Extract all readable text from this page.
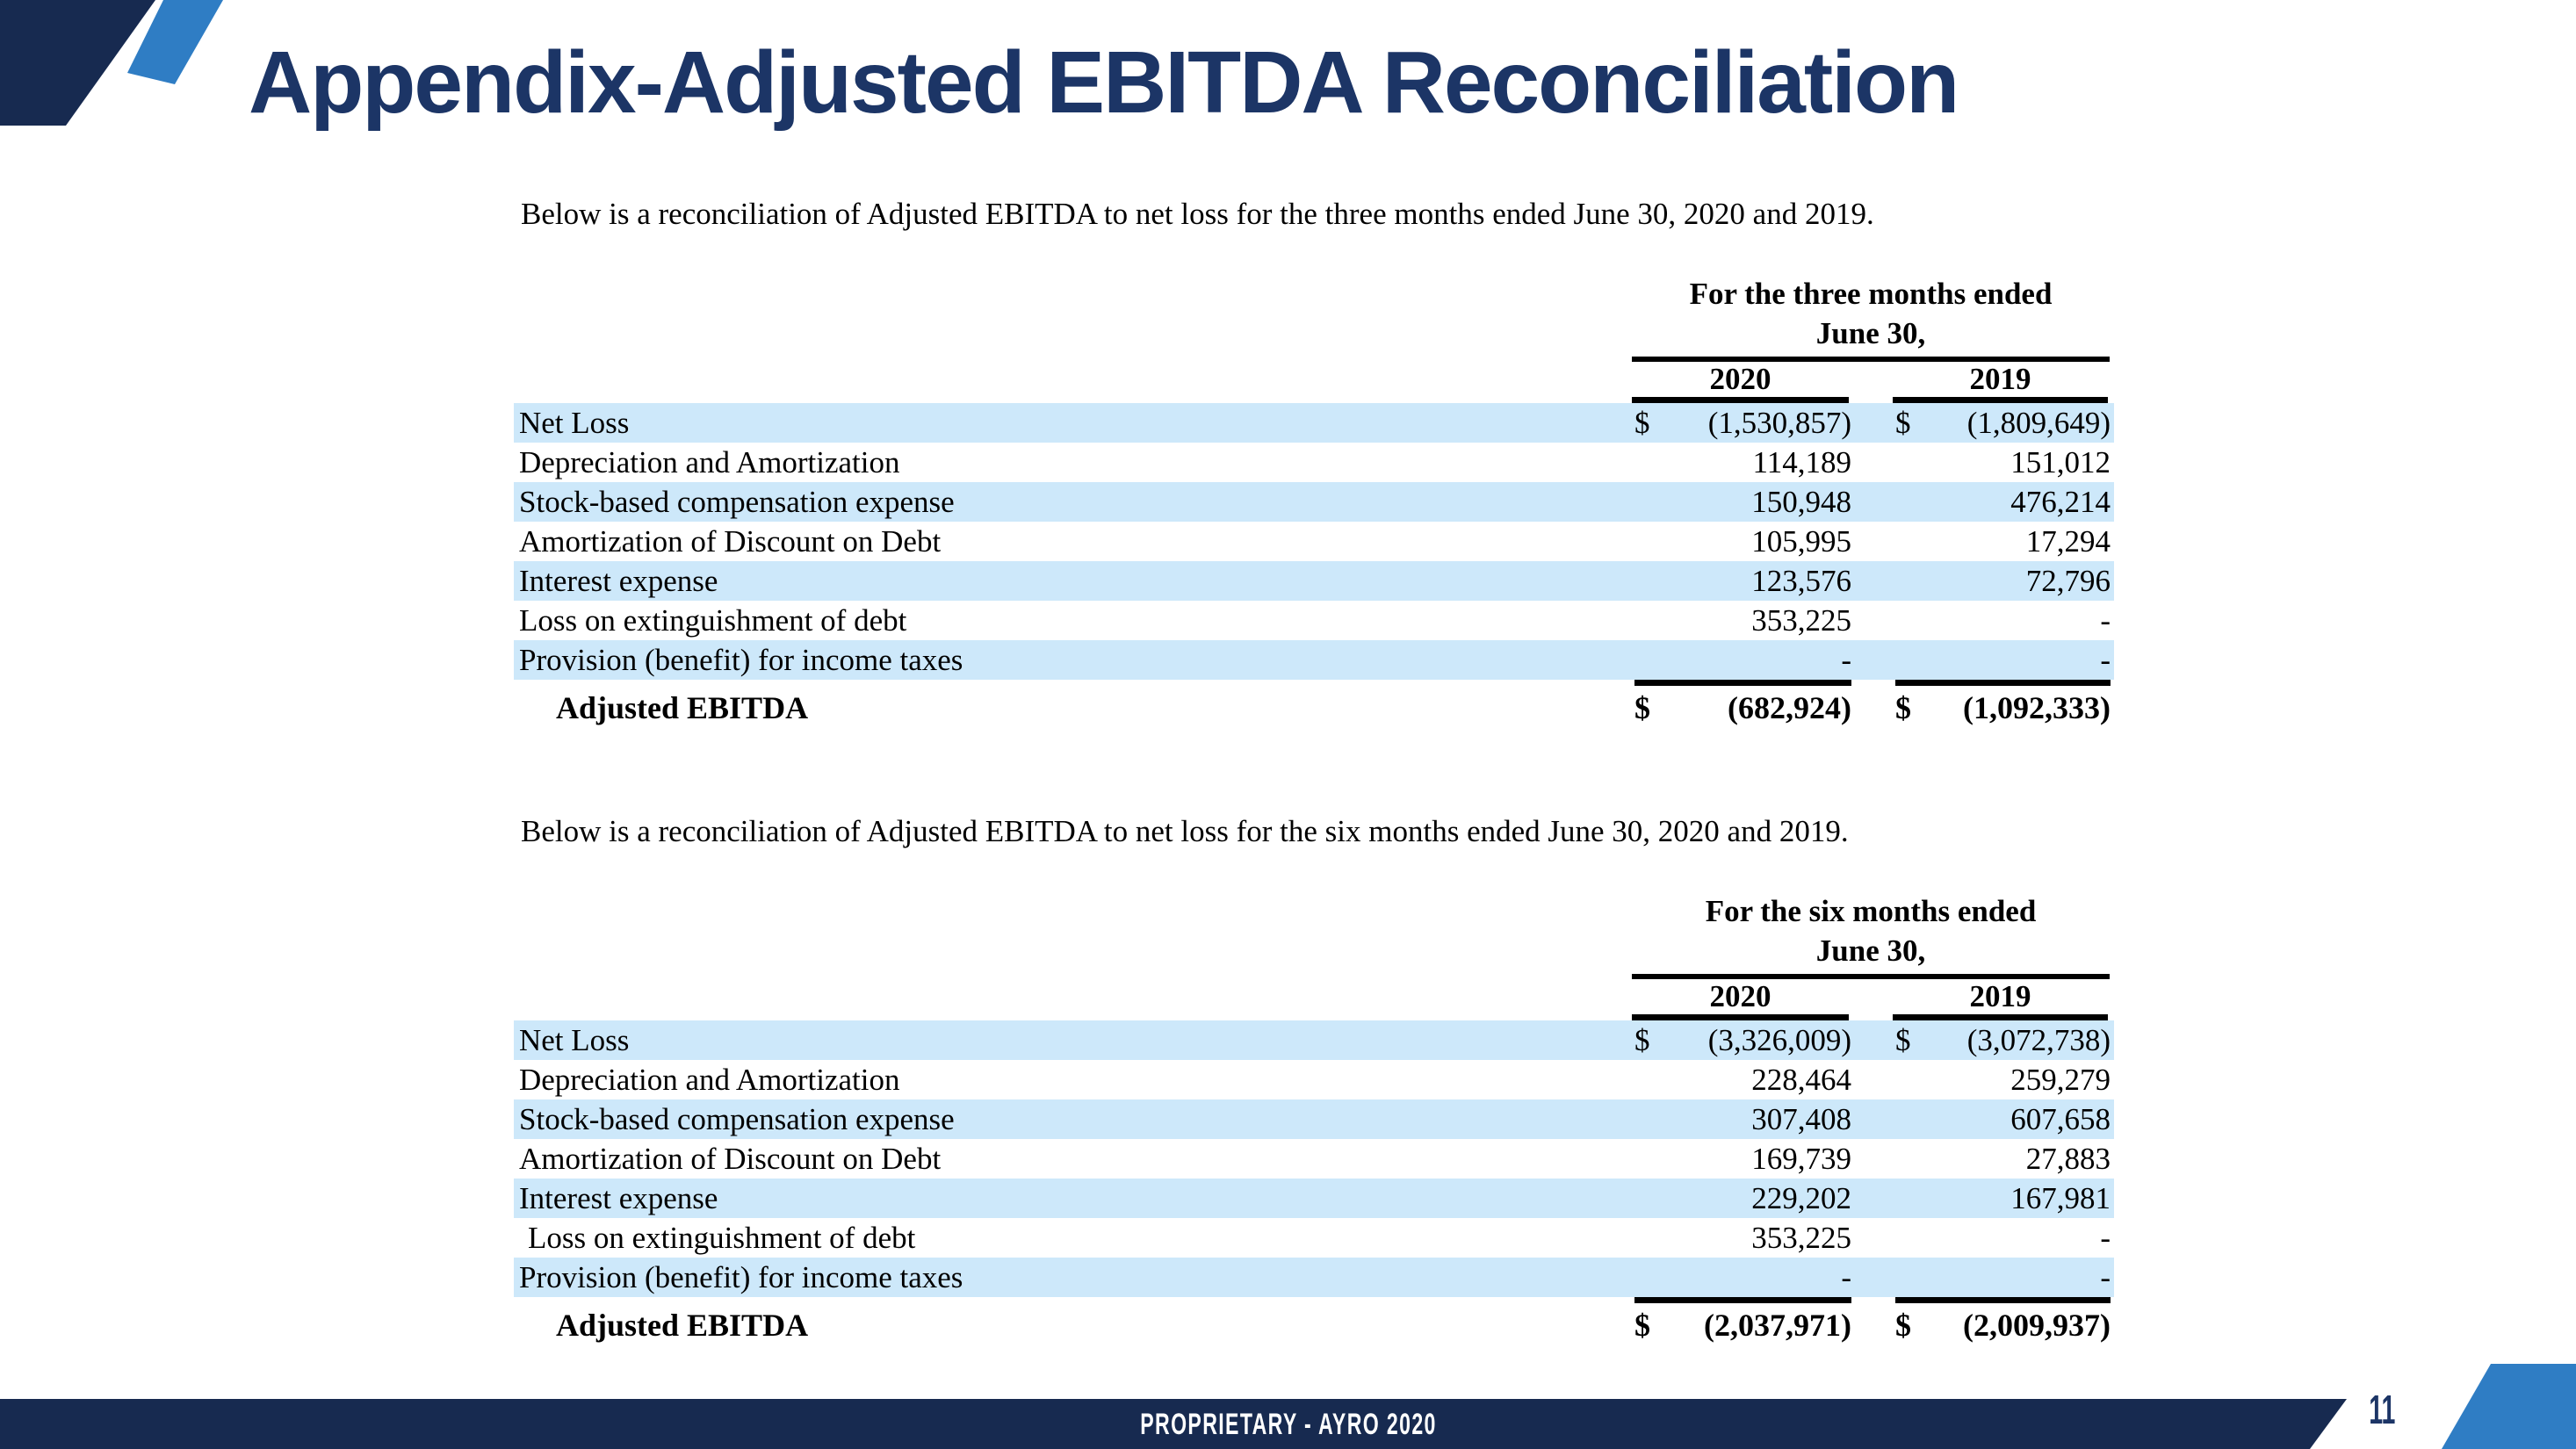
Appendix-Adjusted EBITDA Reconciliation

Below is a reconciliation of Adjusted EBITDA to net loss for the three months ended June 30, 2020 and 2019.

For the three months ended
June 30,
2020	2019
Net Loss	$ (1,530,857) $ (1,809,649)
Depreciation and Amortization	114,189	151,012
Stock-based compensation expense	150,948	476,214
Amortization of Discount on Debt	105,995	17,294
Interest expense	123,576	72,796
Loss on extinguishment of debt	353,225	-
Provision (benefit) for income taxes	-	-
Adjusted EBITDA	$ (682,924) $ (1,092,333)

Below is a reconciliation of Adjusted EBITDA to net loss for the six months ended June 30, 2020 and 2019.

For the six months ended
June 30,
2020	2019
Net Loss	$ (3,326,009) $ (3,072,738)
Depreciation and Amortization	228,464	259,279
Stock-based compensation expense	307,408	607,658
Amortization of Discount on Debt	169,739	27,883
Interest expense	229,202	167,981
Loss on extinguishment of debt	353,225	-
Provision (benefit) for income taxes	-	-
Adjusted EBITDA	$ (2,037,971) $ (2,009,937)
PROPRIETARY - AYRO 2020	11
